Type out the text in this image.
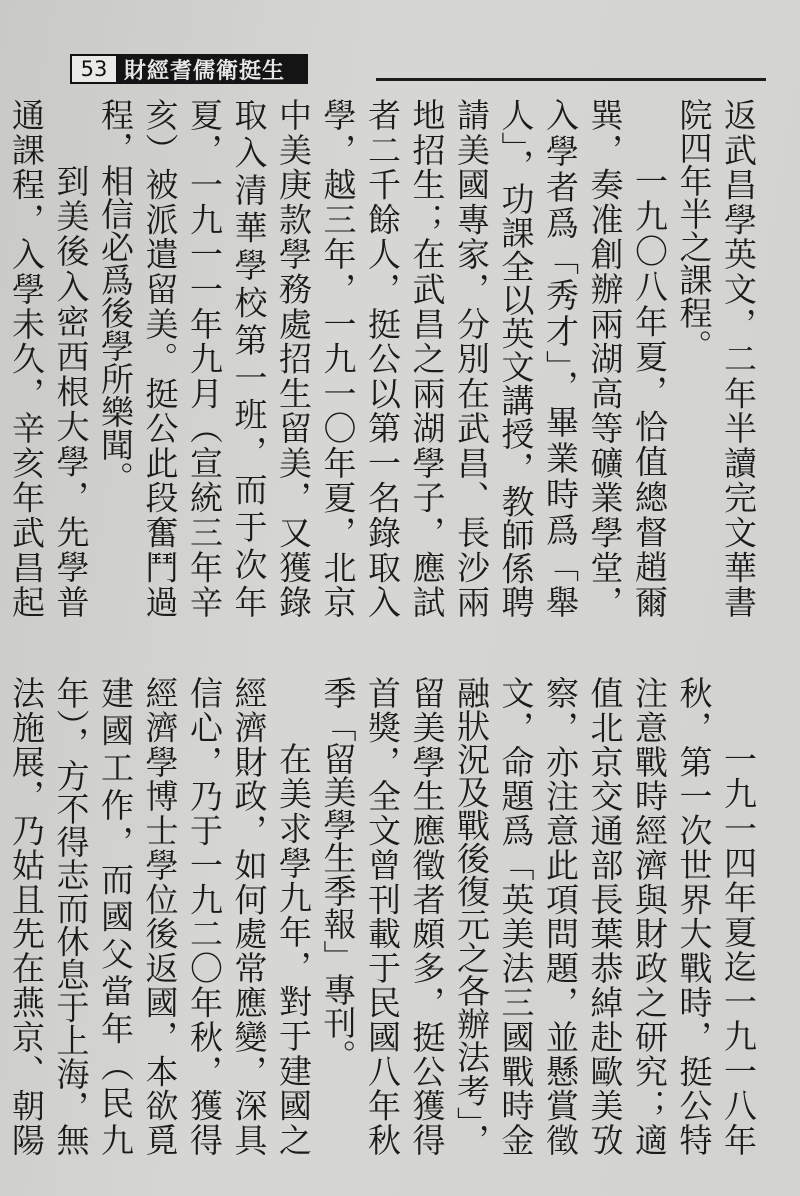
53 財經耆儒衛挺生

返武昌學英文，二年半讀完文華書院四年半之課程。

一九〇八年夏，恰值總督趙爾巽，奏准創辦兩湖高等礦業學堂，入學者爲「秀才」，畢業時爲「舉人」，功課全以英文講授，教師係聘請美國專家，分別在武昌、長沙兩地招生；在武昌之兩湖學子，應試者二千餘人，挺公以第一名錄取入學，越三年，一九一〇年夏，北京中美庚款學務處招生留美，又獲錄取入清華學校第一班，而于次年夏，一九一一年九月（宣統三年辛亥）被派遣留美。挺公此段奮鬥過程，相信必爲後學所樂聞。

到美後入密西根大學，先學普通課程，入學未久，辛亥年武昌起

一九一四年夏迄一九一八年秋，第一次世界大戰時，挺公特注意戰時經濟與財政之研究；適值北京交通部長葉恭綽赴歐美攷察，亦注意此項問題，並懸賞徵文，命題爲「英美法三國戰時金融狀況及戰後復元之各辦法考」，留美學生應徵者頗多，挺公獲得首獎，全文曾刊載于民國八年秋季「留美學生季報」專刊。

在美求學九年，對于建國之經濟財政，如何處常應變，深具信心，乃于一九二〇年秋，獲得經濟學博士學位後返國，本欲覓建國工作，而國父當年（民九年），方不得志而休息于上海，無法施展，乃姑且先在燕京、朝陽
